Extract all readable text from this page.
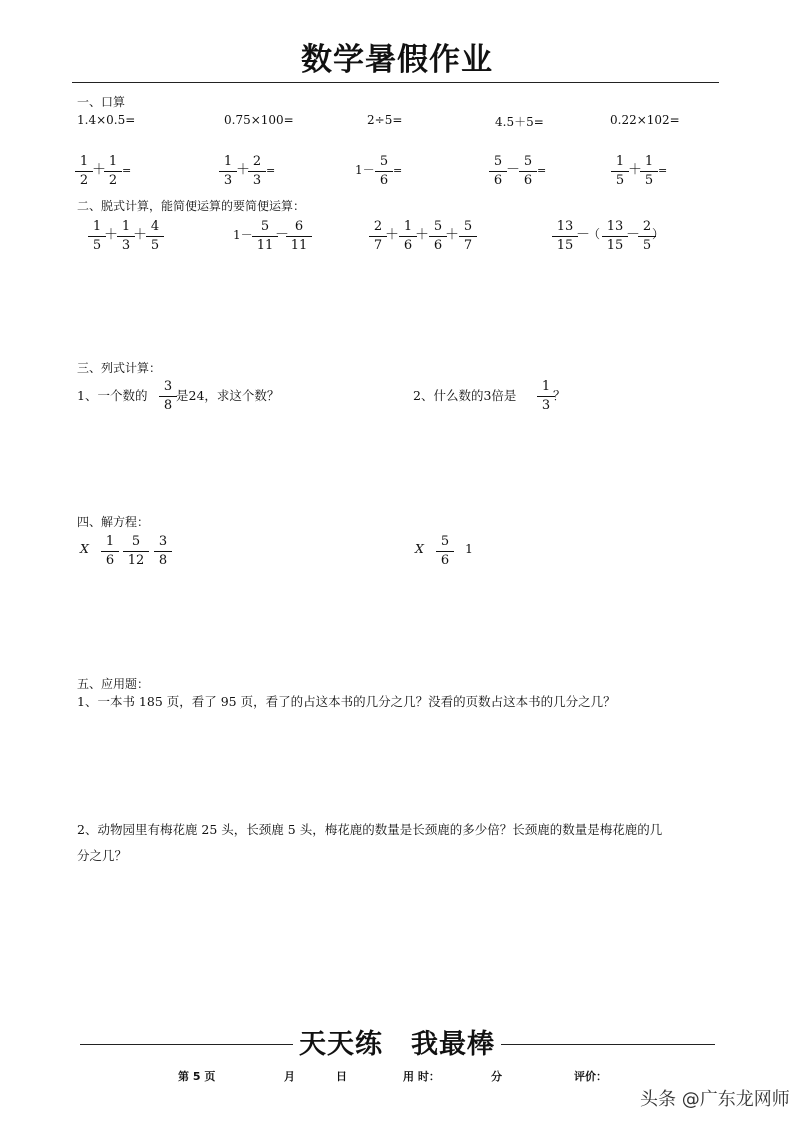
数学暑假作业
一、口算
1.4×0.5=	0.75×100=	2÷5=	4.5＋5=	0.22×102=
1
2
＋
1
2
=
1
3
＋
2
3
=	1－
5
6
=
5
6
－
5
6
=
1
5
＋
1
5
=
二、脱式计算，能简便运算的要简便运算：
1
5
＋
1
3
＋
4
5
1－
5
11
－
6
11
2
7
＋
1
6
＋
5
6
＋
5
7
13
15
－
（ 13
15
－
2
5
）
三、列式计算：
1、一个数的
3
8
是24，求这个数？	2、什么数的3倍是
1
3
？
四、解方程：
X	1
6
5
12
3
8
X	5
6
1
五、应用题：
1、一本书 185 页，看了 95 页，看了的占这本书的几分之几？没看的页数占这本书的几分之几？
2、动物园里有梅花鹿 25 头，长颈鹿 5 头，梅花鹿的数量是长颈鹿的多少倍？长颈鹿的数量是梅花鹿的几
分之几？
天天练　我最棒
第 5 页	月	日	用 时：	分	评价：
头条 @广东龙网师
